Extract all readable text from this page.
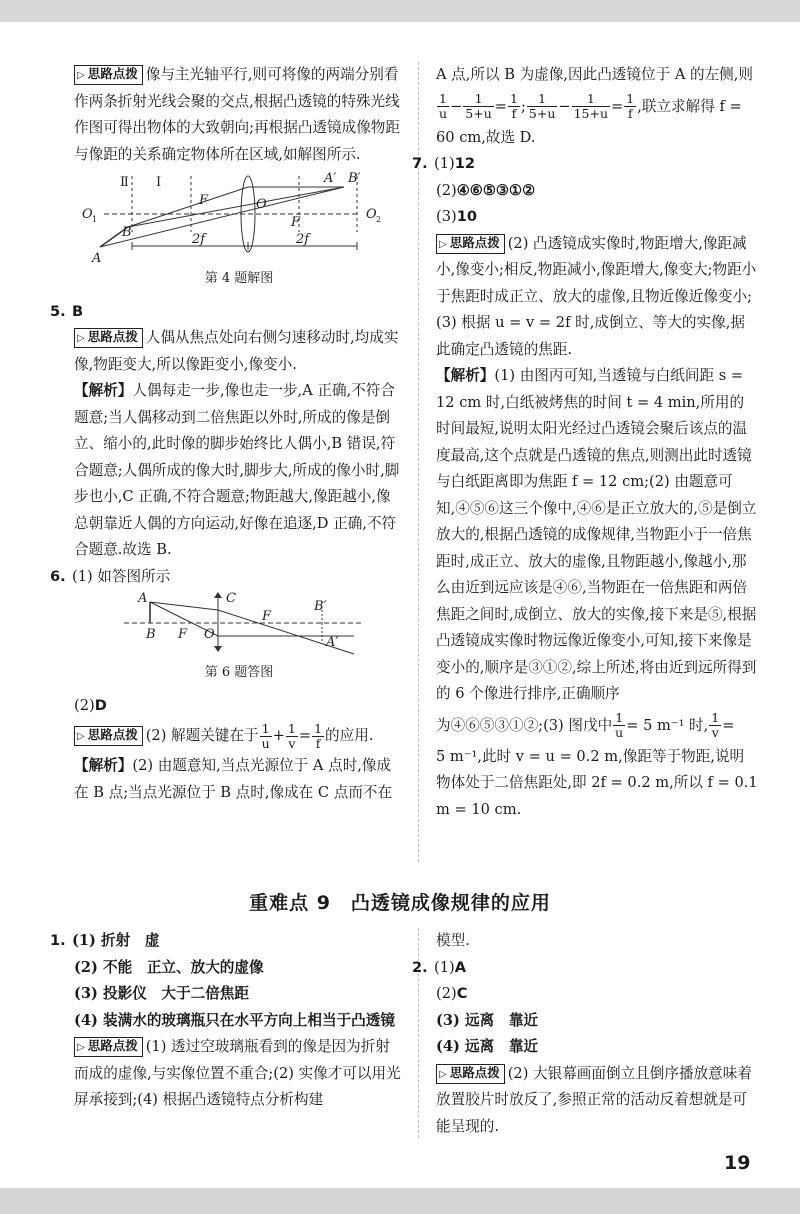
▷ 思路点拨 像与主光轴平行,则可将像的两端分别看作两条折射光线会聚的交点,根据凸透镜的特殊光线作图可得出物体的大致朝向;再根据凸透镜成像物距与像距的关系确定物体所在区域,如解图所示.

Ⅱ Ⅰ
F	O
F
A′ B′
O 1	O 2
B
A
2f	2f

第 4 题解图

5. B

▷ 思路点拨 人偶从焦点处向右侧匀速移动时,均成实像,物距变大,所以像距变小,像变小.

【解析】人偶每走一步,像也走一步,A 正确,不符合题意;当人偶移动到二倍焦距以外时,所成的像是倒立、缩小的,此时像的脚步始终比人偶小,B 错误,符合题意;人偶所成的像大时,脚步大,所成的像小时,脚步也小,C 正确,不符合题意;物距越大,像距越小,像总朝靠近人偶的方向运动,好像在追逐,D 正确,不符合题意.故选 B.

6. (1) 如答图所示

A	C
F
B′
B F O
A′

第 6 题答图

(2)D

▷ 思路点拨 (2) 解题关键在于 $\frac{1}{u} + \frac{1}{v} = \frac{1}{f}$ 的应用.

【解析】(2) 由题意知,当点光源位于 A 点时,像成在 B 点;当点光源位于 B 点时,像成在 C 点而不在

A 点,所以 B 为虚像,因此凸透镜位于 A 的左侧,则

$\frac{1}{u} - \frac{1}{5+u} = \frac{1}{f}$ ; $\frac{1}{5+u} - \frac{1}{15+u} = \frac{1}{f}$ ,联立求解得 f =

60 cm,故选 D.

7. (1)12

(2)④⑥⑤③①②

(3)10

▷ 思路点拨 (2) 凸透镜成实像时,物距增大,像距减小,像变小;相反,物距减小,像距增大,像变大;物距小于焦距时成正立、放大的虚像,且物近像近像变小;(3) 根据 u = v = 2f 时,成倒立、等大的实像,据此确定凸透镜的焦距.

【解析】(1) 由图丙可知,当透镜与白纸间距 s = 12 cm 时,白纸被烤焦的时间 t = 4 min,所用的时间最短,说明太阳光经过凸透镜会聚后该点的温度最高,这个点就是凸透镜的焦点,则测出此时透镜与白纸距离即为焦距 f = 12 cm;(2) 由题意可知,④⑤⑥这三个像中,④⑥是正立放大的,⑤是倒立放大的,根据凸透镜的成像规律,当物距小于一倍焦距时,成正立、放大的虚像,且物距越小,像越小,那么由近到远应该是④⑥,当物距在一倍焦距和两倍焦距之间时,成倒立、放大的实像,接下来是⑤,根据凸透镜成实像时物远像近像变小,可知,接下来像是变小的,顺序是③①②,综上所述,将由近到远所得到的 6 个像进行排序,正确顺序

为④⑥⑤③①②;(3) 图戊中 $\frac{1}{u} = 5$ m⁻¹ 时, $\frac{1}{v}$ =

5 m⁻¹,此时 v = u = 0.2 m,像距等于物距,说明物体处于二倍焦距处,即 2f = 0.2 m,所以 f = 0.1 m = 10 cm.

重难点 9　凸透镜成像规律的应用

1. (1) 折射　虚

(2) 不能　正立、放大的虚像

(3) 投影仪　大于二倍焦距

(4) 装满水的玻璃瓶只在水平方向上相当于凸透镜

▷ 思路点拨 (1) 透过空玻璃瓶看到的像是因为折射而成的虚像,与实像位置不重合;(2) 实像才可以用光屏承接到;(4) 根据凸透镜特点分析构建

模型.

2. (1)A

(2)C

(3) 远离　靠近

(4) 远离　靠近

▷ 思路点拨 (2) 大银幕画面倒立且倒序播放意味着放置胶片时放反了,参照正常的活动反着想就是可能呈现的.

19
